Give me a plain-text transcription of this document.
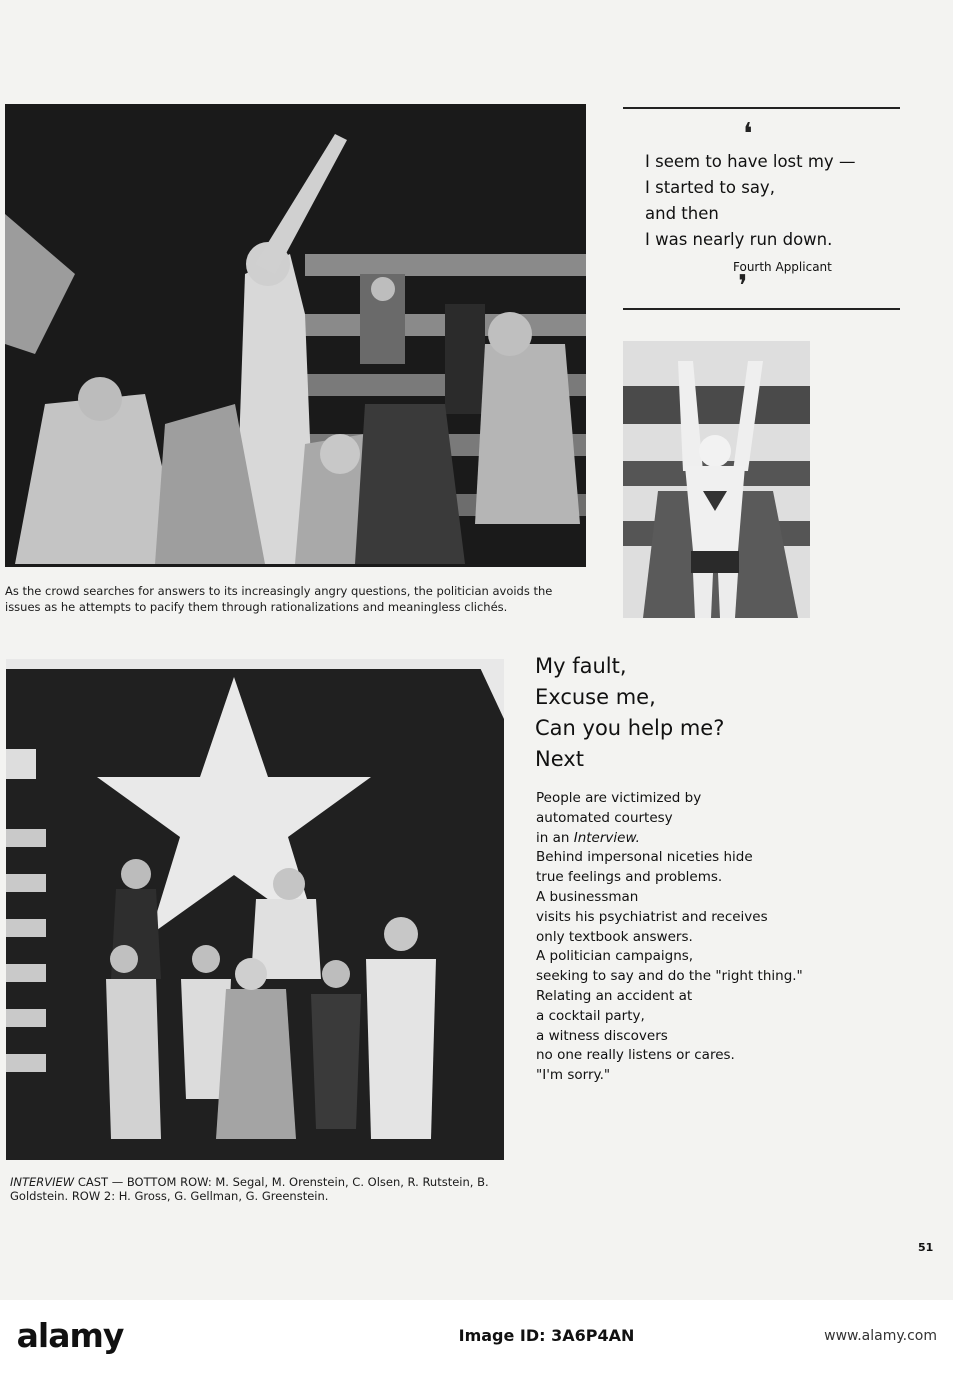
As the crowd searches for answers to its increasingly angry questions, the politician avoids the issues as he attempts to pacify them through rationalizations and meaningless clichés.
❛
I seem to have lost my —
I started to say,
and then
I was nearly run down.
Fourth Applicant
❜
INTERVIEW CAST — BOTTOM ROW: M. Segal, M. Orenstein, C. Olsen, R. Rutstein, B. Goldstein. ROW 2: H. Gross, G. Gellman, G. Greenstein.
My fault,
Excuse me,
Can you help me?
Next
People are victimized by
automated courtesy
in an Interview.
Behind impersonal niceties hide
true feelings and problems.
A businessman
visits his psychiatrist and receives
only textbook answers.
A politician campaigns,
seeking to say and do the "right thing."
Relating an accident at
a cocktail party,
a witness discovers
no one really listens or cares.
"I'm sorry."
51
alamy	Image ID: 3A6P4AN	www.alamy.com
